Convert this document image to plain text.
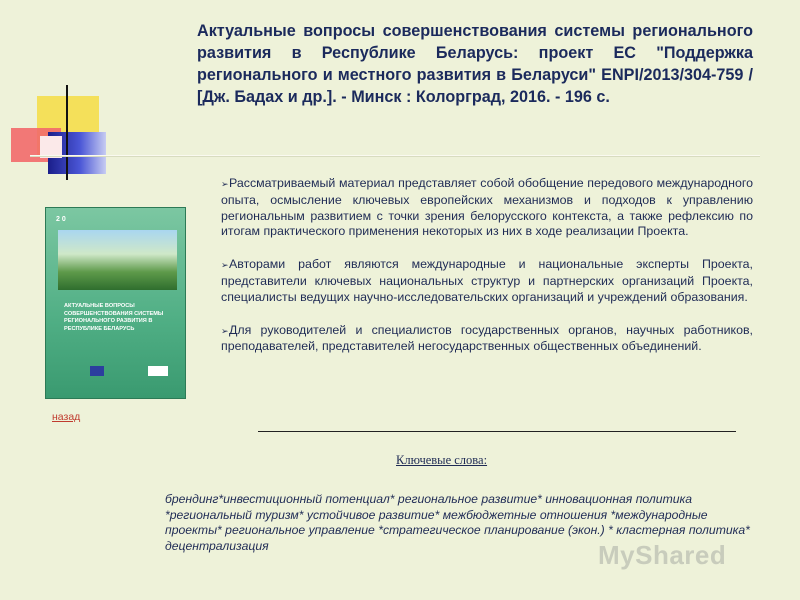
Актуальные вопросы совершенствования системы регионального развития в Республике Беларусь: проект ЕС "Поддержка регионального и местного развития в Беларуси" ENPI/2013/304-759 / [Дж. Бадах и др.]. - Минск : Колорград, 2016. - 196 с.
2 0
АКТУАЛЬНЫЕ ВОПРОСЫ СОВЕРШЕНСТВОВАНИЯ СИСТЕМЫ РЕГИОНАЛЬНОГО РАЗВИТИЯ В РЕСПУБЛИКЕ БЕЛАРУСЬ

➢Рассматриваемый материал представляет собой обобщение передового международного опыта, осмысление ключевых европейских механизмов и подходов к управлению региональным развитием с точки зрения белорусского контекста, а также рефлексию по итогам практического применения некоторых из них в ходе реализации Проекта.

➢Авторами работ являются международные и национальные эксперты Проекта, представители ключевых национальных структур и партнерских организаций Проекта, специалисты ведущих научно-исследовательских организаций и учреждений образования.

➢Для руководителей и специалистов государственных органов, научных работников, преподавателей, представителей негосударственных общественных объединений.

назад
Ключевые слова:
брендинг*инвестиционный потенциал* региональное развитие* инновационная политика *региональный туризм* устойчивое развитие* межбюджетные отношения *международные проекты* региональное управление *стратегическое планирование (экон.) * кластерная политика* децентрализация	MyShared
